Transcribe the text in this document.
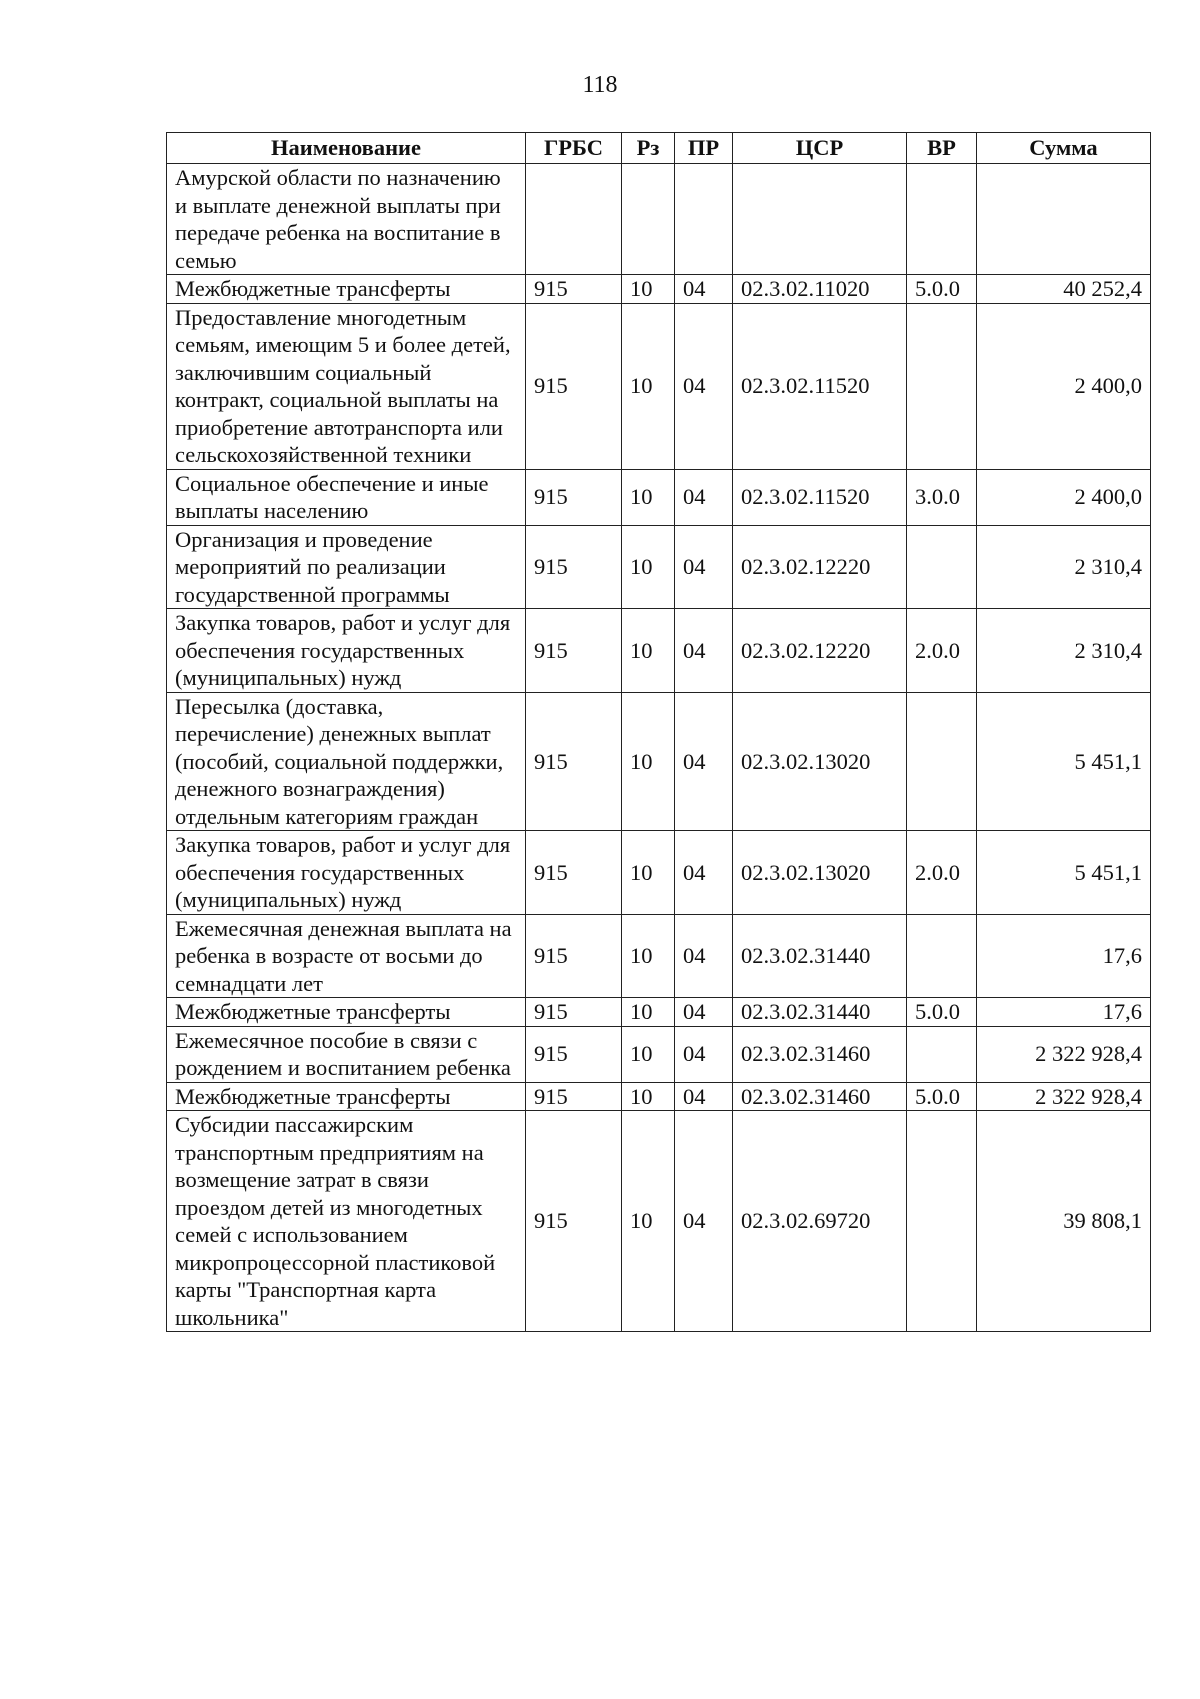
118
Наименование	ГРБС	Рз	ПР	ЦСР	ВР	Сумма
Амурской области по назначению и выплате денежной выплаты при передаче ребенка на воспитание в семью						
Межбюджетные трансферты	915	10	04	02.3.02.11020	5.0.0	40 252,4
Предоставление многодетным семьям, имеющим 5 и более детей, заключившим социальный контракт, социальной выплаты на приобретение автотранспорта или сельскохозяйственной техники	915	10	04	02.3.02.11520		2 400,0
Социальное обеспечение и иные выплаты населению	915	10	04	02.3.02.11520	3.0.0	2 400,0
Организация и проведение мероприятий по реализации государственной программы	915	10	04	02.3.02.12220		2 310,4
Закупка товаров, работ и услуг для обеспечения государственных (муниципальных) нужд	915	10	04	02.3.02.12220	2.0.0	2 310,4
Пересылка (доставка, перечисление) денежных выплат (пособий, социальной поддержки, денежного вознаграждения) отдельным категориям граждан	915	10	04	02.3.02.13020		5 451,1
Закупка товаров, работ и услуг для обеспечения государственных (муниципальных) нужд	915	10	04	02.3.02.13020	2.0.0	5 451,1
Ежемесячная денежная выплата на ребенка в возрасте от восьми до семнадцати лет	915	10	04	02.3.02.31440		17,6
Межбюджетные трансферты	915	10	04	02.3.02.31440	5.0.0	17,6
Ежемесячное пособие в связи с рождением и воспитанием ребенка	915	10	04	02.3.02.31460		2 322 928,4
Межбюджетные трансферты	915	10	04	02.3.02.31460	5.0.0	2 322 928,4
Субсидии пассажирским транспортным предприятиям на возмещение затрат в связи проездом детей из многодетных семей с использованием микропроцессорной пластиковой карты "Транспортная карта школьника"	915	10	04	02.3.02.69720		39 808,1
